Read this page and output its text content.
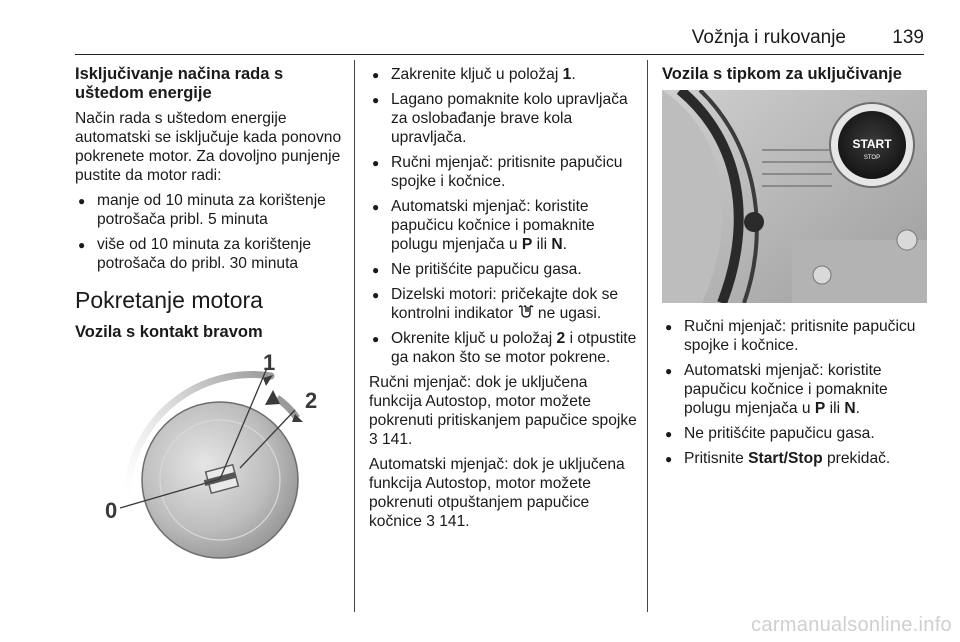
Vožnja i rukovanje 139
Isključivanje načina rada s uštedom energije

Način rada s uštedom energije automatski se isključuje kada ponovno pokrenete motor. Za dovoljno punjenje pustite da motor radi:

manje od 10 minuta za korištenje potrošača pribl. 5 minuta
više od 10 minuta za korištenje potrošača do pribl. 30 minuta
Pokretanje motora
Vozila s kontakt bravom
0
1
2
Zakrenite ključ u položaj 1.
Lagano pomaknite kolo upravljača za oslobađanje brave kola upravljača.
Ručni mjenjač: pritisnite papučicu spojke i kočnice.
Automatski mjenjač: koristite papučicu kočnice i pomaknite polugu mjenjača u P ili N.
Ne pritišćite papučicu gasa.
Dizelski motori: pričekajte dok se kontrolni indikator  ne ugasi.
Okrenite ključ u položaj 2 i otpustite ga nakon što se motor pokrene.

Ručni mjenjač: dok je uključena funkcija Autostop, motor možete pokrenuti pritiskanjem papučice spojke 3 141.

Automatski mjenjač: dok je uključena funkcija Autostop, motor možete pokrenuti otpuštanjem papučice kočnice 3 141.

Vozila s tipkom za uključivanje
START
STOP
Ručni mjenjač: pritisnite papučicu spojke i kočnice.
Automatski mjenjač: koristite papučicu kočnice i pomaknite polugu mjenjača u P ili N.
Ne pritišćite papučicu gasa.
Pritisnite Start/Stop prekidač.
carmanualsonline.info
